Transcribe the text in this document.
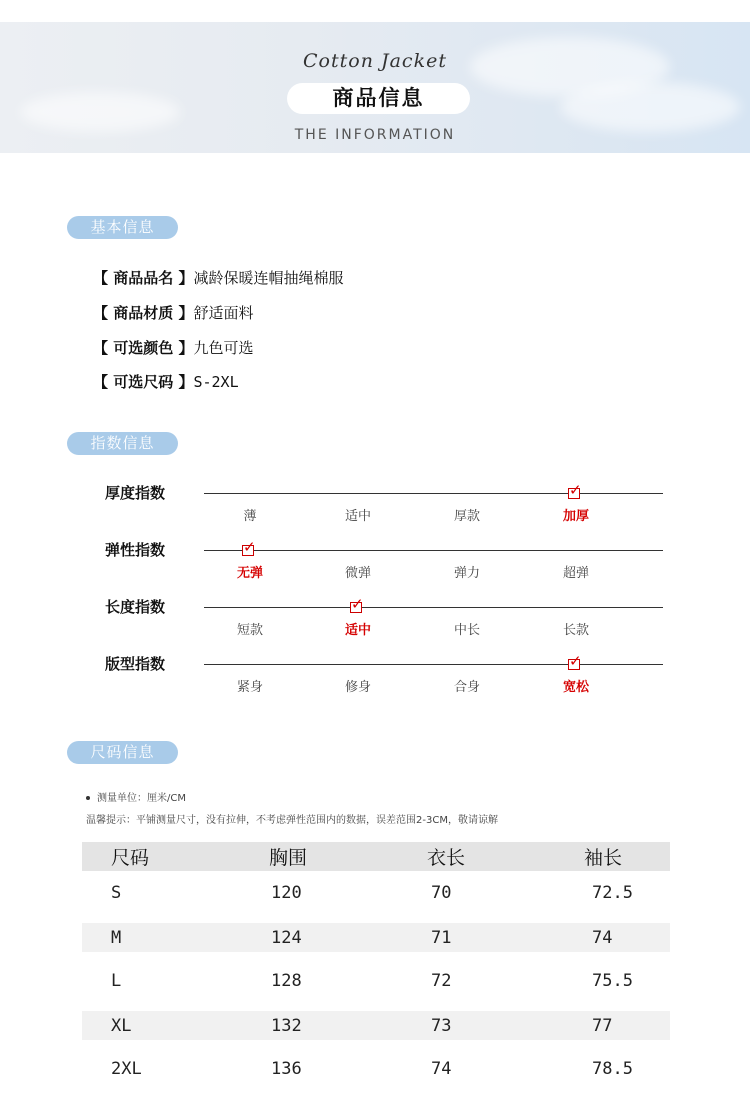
Cotton Jacket
商品信息
THE INFORMATION
基本信息
【 商品品名 】减龄保暖连帽抽绳棉服
【 商品材质 】舒适面料
【 可选颜色 】九色可选
【 可选尺码 】S-2XL
指数信息
厚度指数
薄	适中	厚款	加厚
✓
弹性指数
无弹
✓
微弹	弹力	超弹
长度指数
短款	适中
✓
中长	长款
版型指数
紧身	修身	合身	宽松
✓
尺码信息
测量单位：厘米/CM
温馨提示：平铺测量尺寸，没有拉伸，不考虑弹性范围内的数据，误差范围2-3CM，敬请谅解
尺码	胸围	衣长	袖长
S	120	70	72.5
M	124	71	74
L	128	72	75.5
XL	132	73	77
2XL	136	74	78.5
